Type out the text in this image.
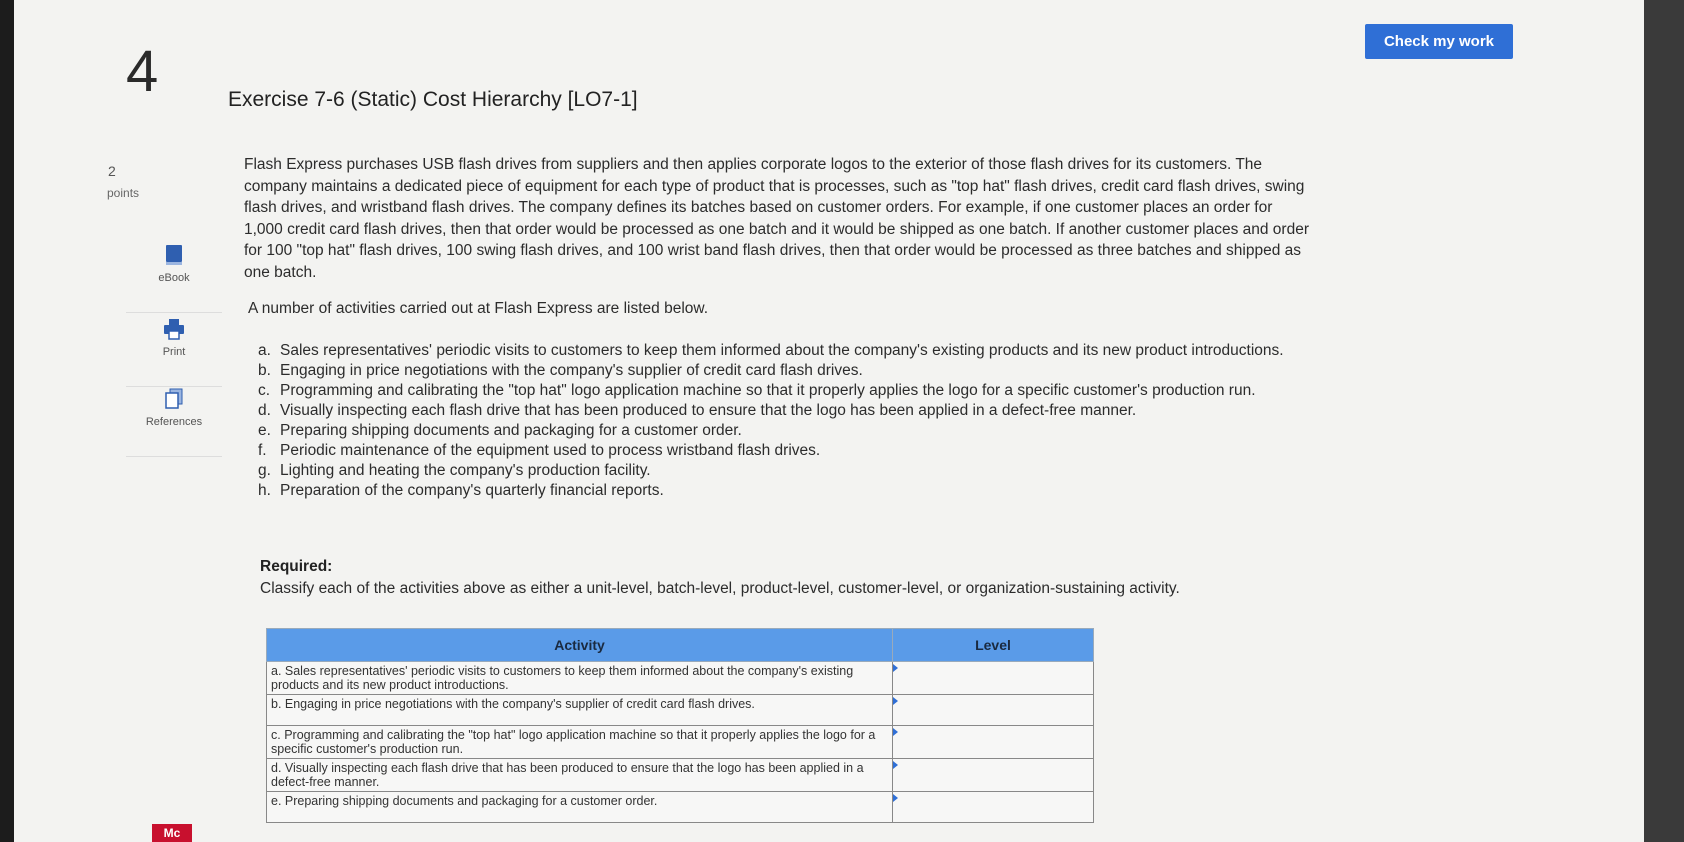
Check my work
4	Exercise 7-6 (Static) Cost Hierarchy [LO7-1]
2
points
eBook
Print
References

Flash Express purchases USB flash drives from suppliers and then applies corporate logos to the exterior of those flash drives for its customers. The company maintains a dedicated piece of equipment for each type of product that is processes, such as "top hat" flash drives, credit card flash drives, swing flash drives, and wristband flash drives. The company defines its batches based on customer orders. For example, if one customer places an order for 1,000 credit card flash drives, then that order would be processed as one batch and it would be shipped as one batch. If another customer places and order for 100 "top hat" flash drives, 100 swing flash drives, and 100 wrist band flash drives, then that order would be processed as three batches and shipped as one batch.

A number of activities carried out at Flash Express are listed below.

a. Sales representatives' periodic visits to customers to keep them informed about the company's existing products and its new product introductions.
b. Engaging in price negotiations with the company's supplier of credit card flash drives.
c. Programming and calibrating the "top hat" logo application machine so that it properly applies the logo for a specific customer's production run.
d. Visually inspecting each flash drive that has been produced to ensure that the logo has been applied in a defect-free manner.
e. Preparing shipping documents and packaging for a customer order.
f. Periodic maintenance of the equipment used to process wristband flash drives.
g. Lighting and heating the company's production facility.
h. Preparation of the company's quarterly financial reports.

Required:

Classify each of the activities above as either a unit-level, batch-level, product-level, customer-level, or organization-sustaining activity.

Activity	Level
a. Sales representatives' periodic visits to customers to keep them informed about the company's existing products and its new product introductions.	

b. Engaging in price negotiations with the company's supplier of credit card flash drives.	

c. Programming and calibrating the "top hat" logo application machine so that it properly applies the logo for a specific customer's production run.	

d. Visually inspecting each flash drive that has been produced to ensure that the logo has been applied in a defect-free manner.	

e. Preparing shipping documents and packaging for a customer order.	
Mc
